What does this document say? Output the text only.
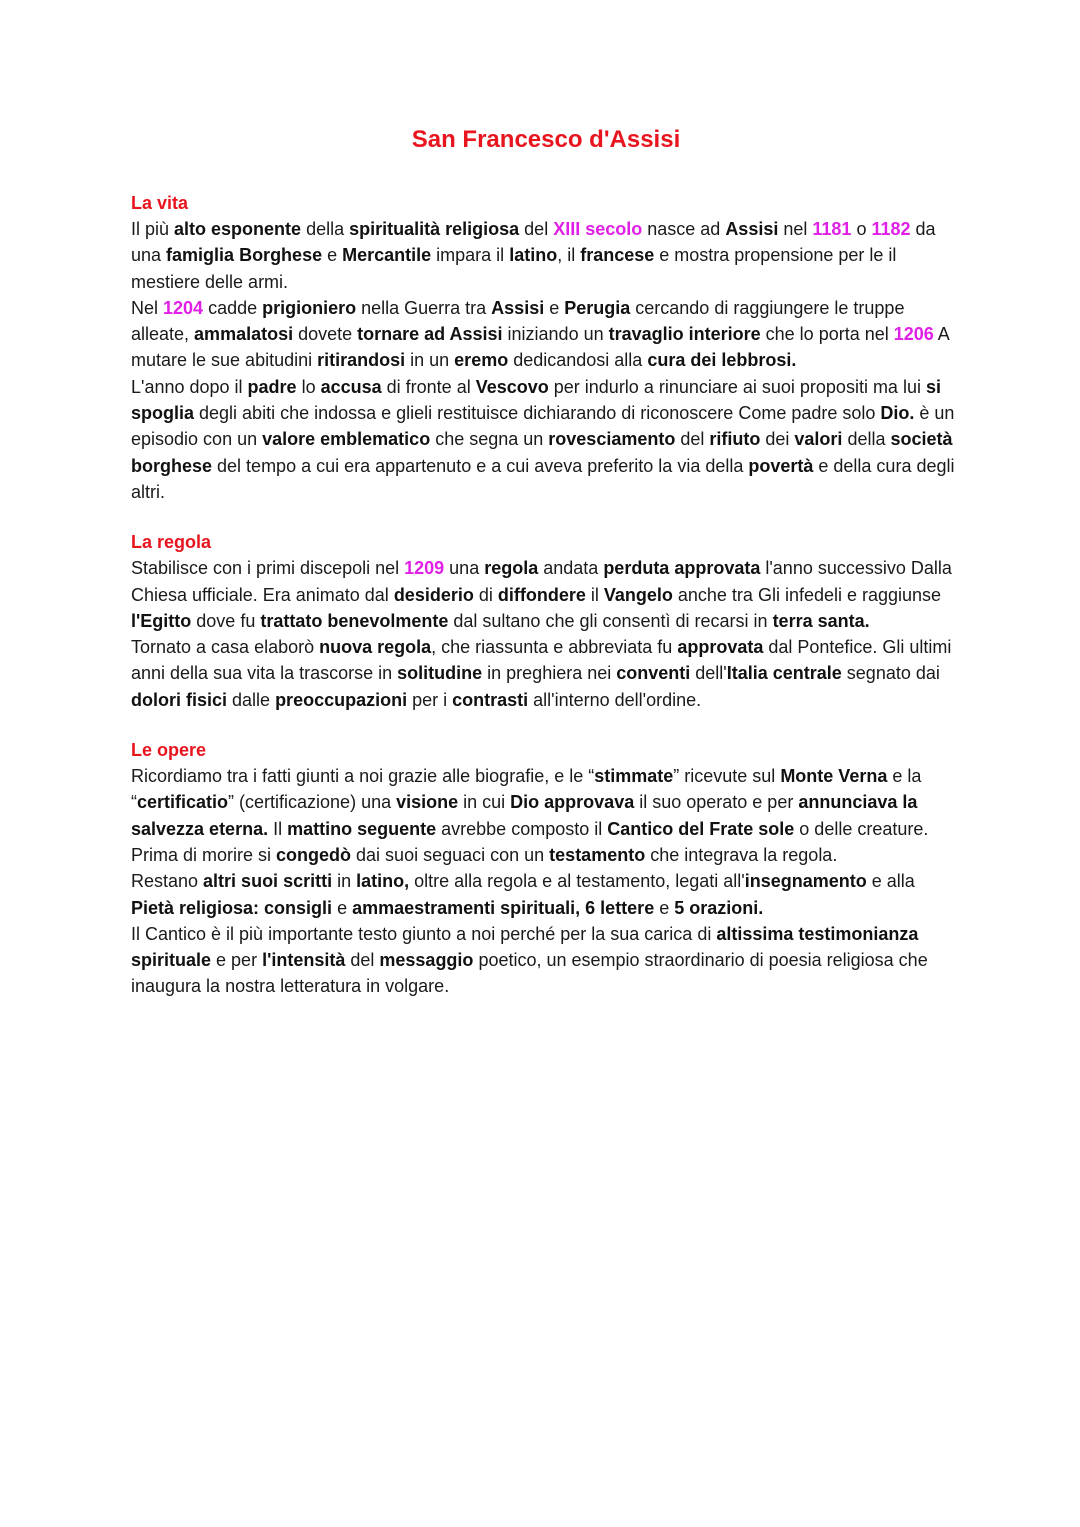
San Francesco d'Assisi
La vita

Il più alto esponente della spiritualità religiosa del XIII secolo nasce ad Assisi nel 1181 o 1182 da una famiglia Borghese e Mercantile impara il latino, il francese e mostra propensione per le il mestiere delle armi.

Nel 1204 cadde prigioniero nella Guerra tra Assisi e Perugia cercando di raggiungere le truppe alleate, ammalatosi dovete tornare ad Assisi iniziando un travaglio interiore che lo porta nel 1206 A mutare le sue abitudini ritirandosi in un eremo dedicandosi alla cura dei lebbrosi.

L'anno dopo il padre lo accusa di fronte al Vescovo per indurlo a rinunciare ai suoi propositi ma lui si spoglia degli abiti che indossa e glieli restituisce dichiarando di riconoscere Come padre solo Dio. è un episodio con un valore emblematico che segna un rovesciamento del rifiuto dei valori della società borghese del tempo a cui era appartenuto e a cui aveva preferito la via della povertà e della cura degli altri.

La regola

Stabilisce con i primi discepoli nel 1209 una regola andata perduta approvata l'anno successivo Dalla Chiesa ufficiale. Era animato dal desiderio di diffondere il Vangelo anche tra Gli infedeli e raggiunse l'Egitto dove fu trattato benevolmente dal sultano che gli consentì di recarsi in terra santa.

Tornato a casa elaborò nuova regola, che riassunta e abbreviata fu approvata dal Pontefice. Gli ultimi anni della sua vita la trascorse in solitudine in preghiera nei conventi dell'Italia centrale segnato dai dolori fisici dalle preoccupazioni per i contrasti all'interno dell'ordine.

Le opere

Ricordiamo tra i fatti giunti a noi grazie alle biografie, e le “stimmate” ricevute sul Monte Verna e la “certificatio” (certificazione) una visione in cui Dio approvava il suo operato e per annunciava la salvezza eterna. Il mattino seguente avrebbe composto il Cantico del Frate sole o delle creature.

Prima di morire si congedò dai suoi seguaci con un testamento che integrava la regola.

Restano altri suoi scritti in latino, oltre alla regola e al testamento, legati all'insegnamento e alla Pietà religiosa: consigli e ammaestramenti spirituali, 6 lettere e 5 orazioni.

Il Cantico è il più importante testo giunto a noi perché per la sua carica di altissima testimonianza spirituale e per l'intensità del messaggio poetico, un esempio straordinario di poesia religiosa che inaugura la nostra letteratura in volgare.
